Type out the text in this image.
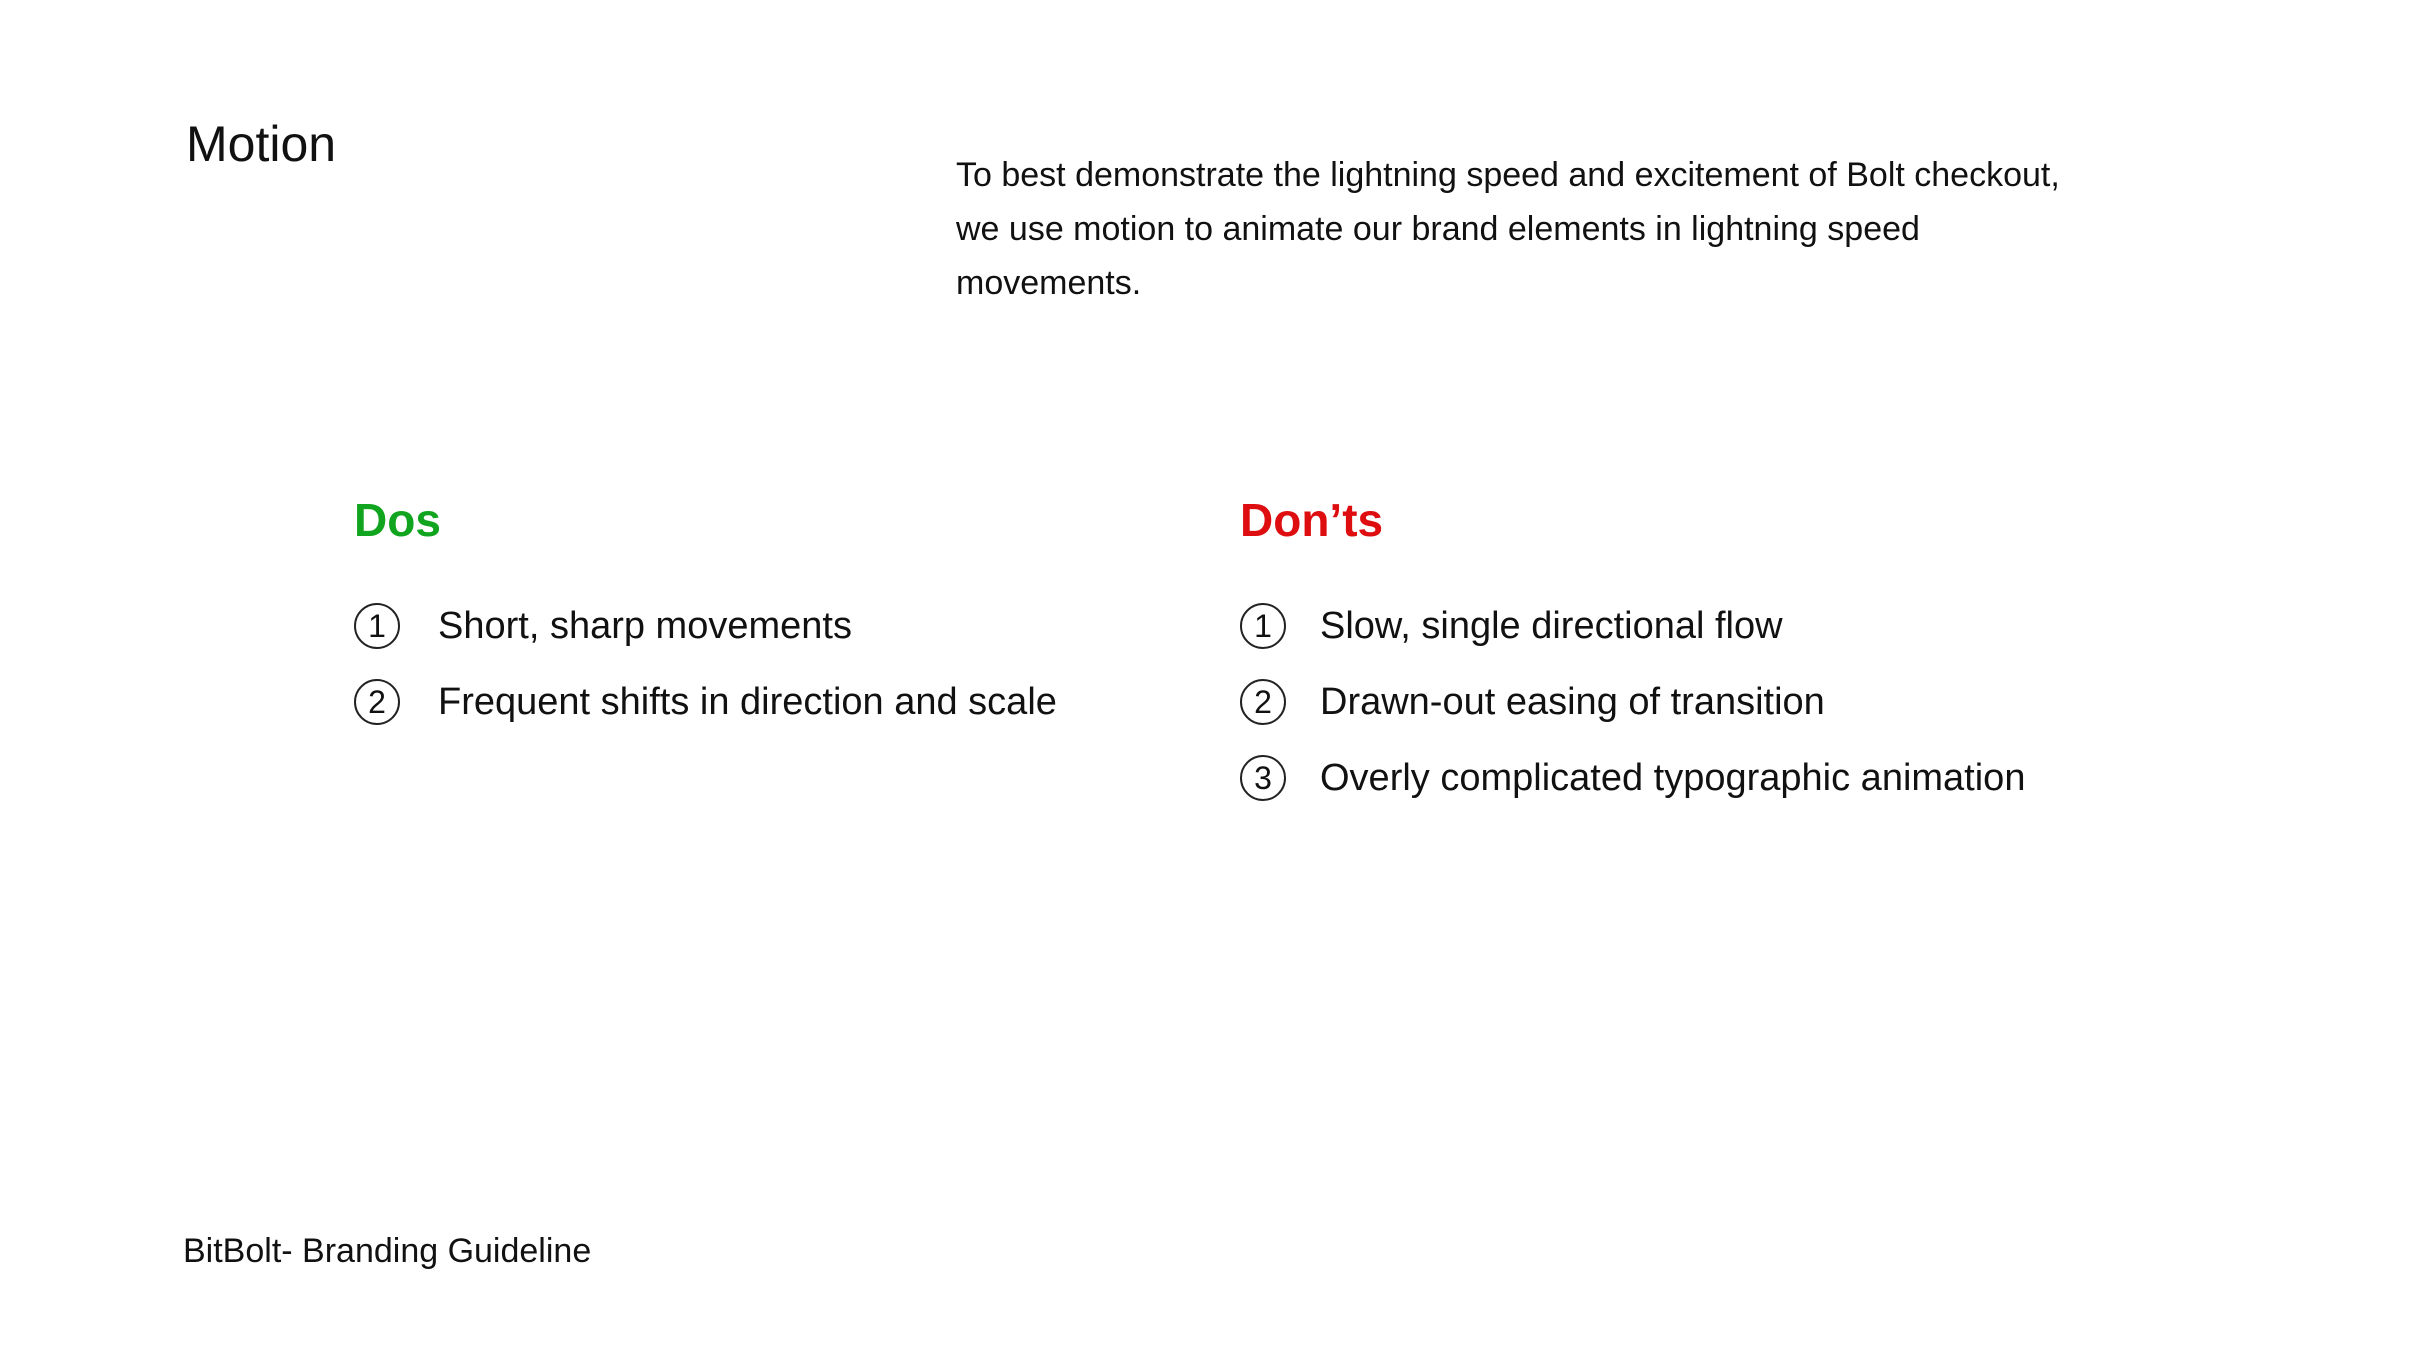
Motion
To best demonstrate the lightning speed and excitement of Bolt checkout, we use motion to animate our brand elements in lightning speed movements.
Dos
1	Short, sharp movements
2	Frequent shifts in direction and scale
Don’ts
1	Slow, single directional flow
2	Drawn-out easing of transition
3	Overly complicated typographic animation
BitBolt- Branding Guideline
